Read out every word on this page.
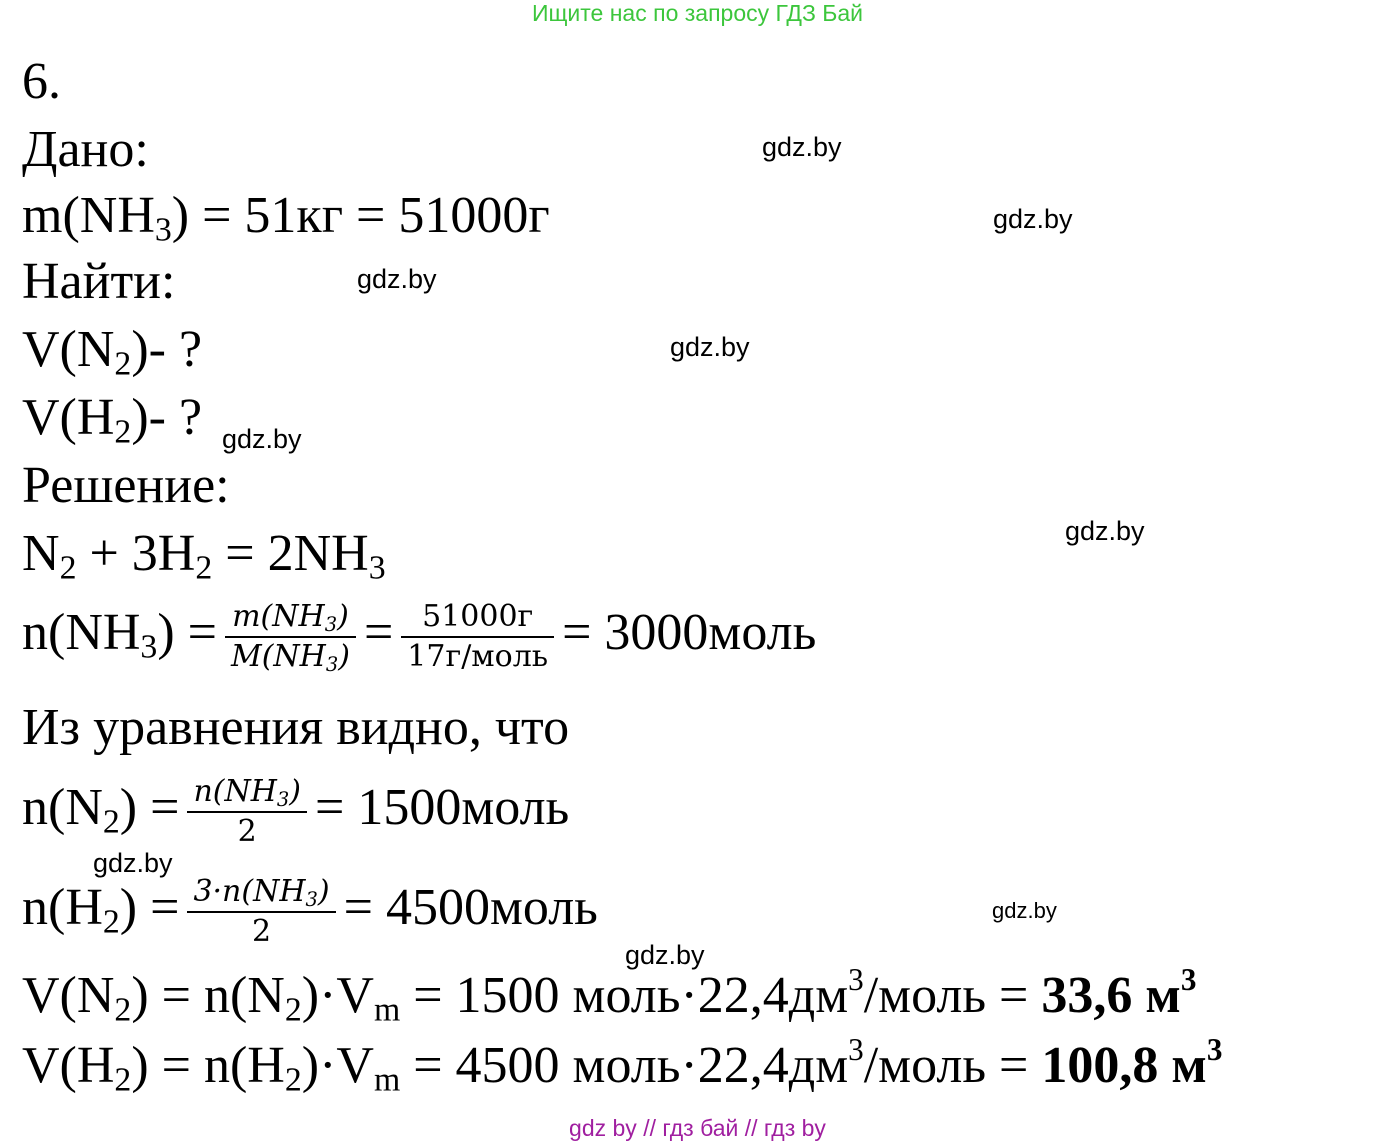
Ищите нас по запросу ГДЗ Бай
6.
Дано:
$m(NH_3) = 51кг = 51000г$
Найти:
$V(N_2)-$ ?
$V(H_2)-$ ?
Решение:
$N_2 + 3H_2 = 2NH_3$
$n(NH_3) = \frac{m(NH_3)}{M(NH_3)} = \frac{51000г}{\text{17г/моль}}$ = 3000моль
Из уравнения видно, что
$n(N_2) = \frac{n(NH_3)}{2}$ = 1500моль
$n(H_2) = \frac{3\cdot n(NH_3)}{2}$ = 4500моль
$V(N_2) = n(N_2)\cdot V_m = 1500$ $моль\cdot 22,4дм^3$/моль = 33,6 $м^3$
$V(H_2) = n(H_2)\cdot V_m = 4500$ $моль\cdot 22,4дм^3$/моль = 100,8 $м^3$
gdz.by
gdz.by
gdz.by
gdz.by
gdz.by
gdz.by
gdz.by
gdz.by
gdz.by
gdz by // гдз бай // гдз by
